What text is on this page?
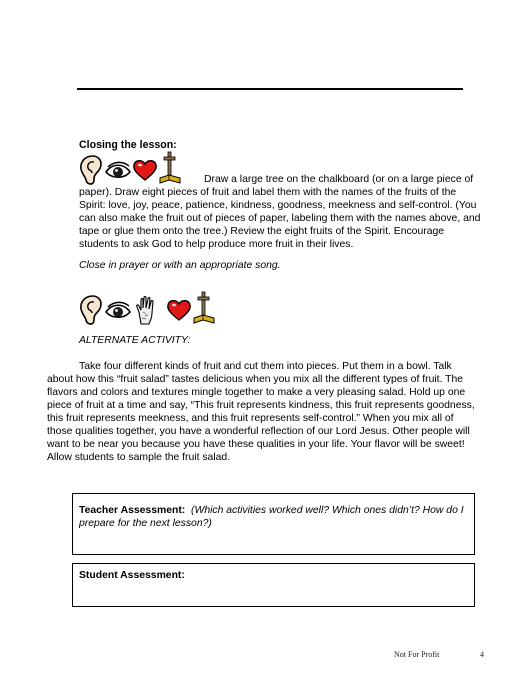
Closing the lesson:
Draw a large tree on the chalkboard (or on a large piece of
paper). Draw eight pieces of fruit and label them with the names of the fruits of the Spirit: love, joy, peace, patience, kindness, goodness, meekness and self-control. (You can also make the fruit out of pieces of paper, labeling them with the names above, and tape or glue them onto the tree.) Review the eight fruits of the Spirit. Encourage students to ask God to help produce more fruit in their lives.
Close in prayer or with an appropriate song.
ALTERNATE ACTIVITY:
Take four different kinds of fruit and cut them into pieces. Put them in a bowl. Talk about how this “fruit salad” tastes delicious when you mix all the different types of fruit. The flavors and colors and textures mingle together to make a very pleasing salad. Hold up one piece of fruit at a time and say, “This fruit represents kindness, this fruit represents goodness, this fruit represents meekness, and this fruit represents self-control.” When you mix all of those qualities together, you have a wonderful reflection of our Lord Jesus. Other people will want to be near you because you have these qualities in your life. Your flavor will be sweet! Allow students to sample the fruit salad.
Teacher Assessment: (Which activities worked well? Which ones didn’t? How do I prepare for the next lesson?)
Student Assessment:
Not For Profit	4
